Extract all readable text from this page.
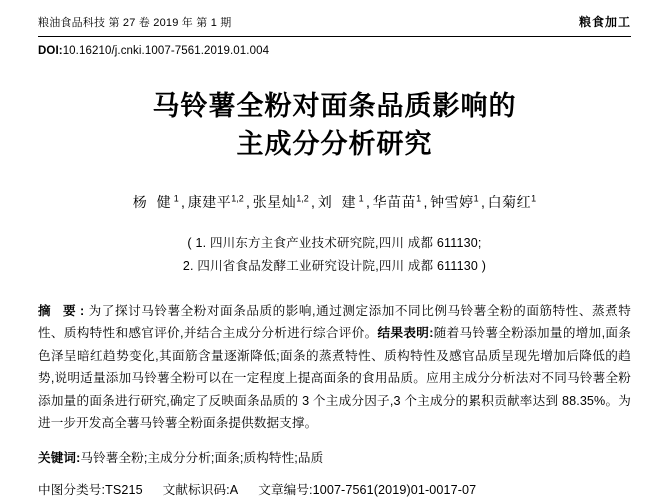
粮油食品科技 第 27 卷 2019 年 第 1 期	粮食加工
DOI:10.16210/j.cnki.1007-7561.2019.01.004
马铃薯全粉对面条品质影响的
主成分分析研究
杨 健$^1$ , 康建平$^{1,2}$ , 张星灿$^{1,2}$ , 刘 建$^1$ , 华苗苗$^1$ , 钟雪婷$^1$ , 白菊红$^1$
( 1. 四川东方主食产业技术研究院,四川 成都 611130;
2. 四川省食品发酵工业研究设计院,四川 成都 611130 )
摘 要:为了探讨马铃薯全粉对面条品质的影响,通过测定添加不同比例马铃薯全粉的面筋特性、蒸煮特性、质构特性和感官评价,并结合主成分分析进行综合评价。结果表明:随着马铃薯全粉添加量的增加,面条色泽呈暗红趋势变化,其面筋含量逐渐降低;面条的蒸煮特性、质构特性及感官品质呈现先增加后降低的趋势,说明适量添加马铃薯全粉可以在一定程度上提高面条的食用品质。应用主成分分析法对不同马铃薯全粉添加量的面条进行研究,确定了反映面条品质的 3 个主成分因子,3 个主成分的累积贡献率达到 88.35%。为进一步开发高全薯马铃薯全粉面条提供数据支撑。
关键词:马铃薯全粉;主成分分析;面条;质构特性;品质
中图分类号:TS215 文献标识码:A 文章编号:1007-7561(2019)01-0017-07
